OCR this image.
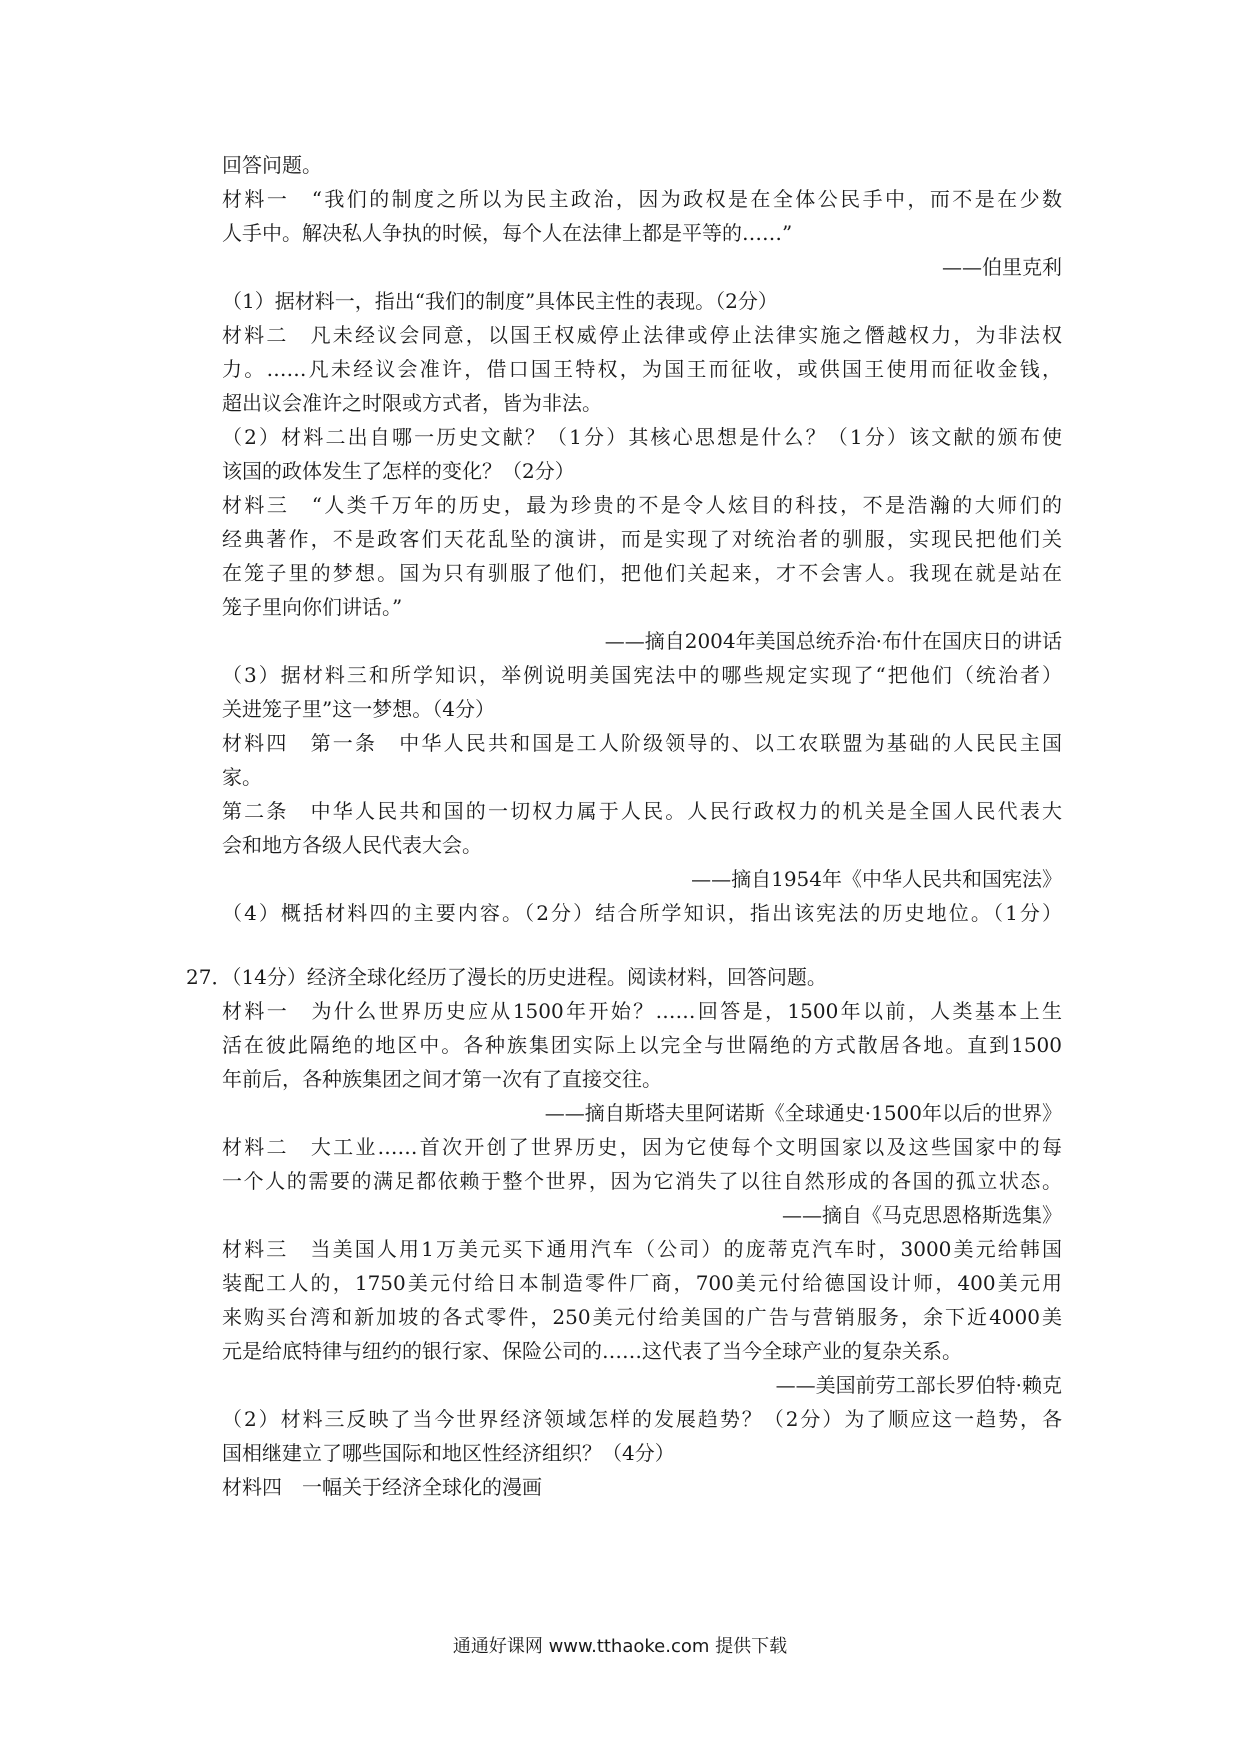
回答问题。
材料一　“我们的制度之所以为民主政治，因为政权是在全体公民手中，而不是在少数
人手中。解决私人争执的时候，每个人在法律上都是平等的……”
——伯里克利
（1）据材料一，指出“我们的制度”具体民主性的表现。（2分）
材料二　凡未经议会同意，以国王权威停止法律或停止法律实施之僭越权力，为非法权
力。……凡未经议会准许，借口国王特权，为国王而征收，或供国王使用而征收金钱，
超出议会准许之时限或方式者，皆为非法。
（2）材料二出自哪一历史文献？（1分）其核心思想是什么？（1分）该文献的颁布使
该国的政体发生了怎样的变化？（2分）
材料三　“人类千万年的历史，最为珍贵的不是令人炫目的科技，不是浩瀚的大师们的
经典著作，不是政客们天花乱坠的演讲，而是实现了对统治者的驯服，实现民把他们关
在笼子里的梦想。国为只有驯服了他们，把他们关起来，才不会害人。我现在就是站在
笼子里向你们讲话。”
——摘自2004年美国总统乔治·布什在国庆日的讲话
（3）据材料三和所学知识，举例说明美国宪法中的哪些规定实现了“把他们（统治者）
关进笼子里”这一梦想。（4分）
材料四　第一条　中华人民共和国是工人阶级领导的、以工农联盟为基础的人民民主国
家。
第二条　中华人民共和国的一切权力属于人民。人民行政权力的机关是全国人民代表大
会和地方各级人民代表大会。
——摘自1954年《中华人民共和国宪法》
（4）概括材料四的主要内容。（2分）结合所学知识，指出该宪法的历史地位。（1分）
27．（14分）经济全球化经历了漫长的历史进程。阅读材料，回答问题。
材料一　为什么世界历史应从1500年开始？……回答是，1500年以前，人类基本上生
活在彼此隔绝的地区中。各种族集团实际上以完全与世隔绝的方式散居各地。直到1500
年前后，各种族集团之间才第一次有了直接交往。
——摘自斯塔夫里阿诺斯《全球通史·1500年以后的世界》
材料二　大工业……首次开创了世界历史，因为它使每个文明国家以及这些国家中的每
一个人的需要的满足都依赖于整个世界，因为它消失了以往自然形成的各国的孤立状态。
——摘自《马克思恩格斯选集》
材料三　当美国人用1万美元买下通用汽车（公司）的庞蒂克汽车时，3000美元给韩国
装配工人的，1750美元付给日本制造零件厂商，700美元付给德国设计师，400美元用
来购买台湾和新加坡的各式零件，250美元付给美国的广告与营销服务，余下近4000美
元是给底特律与纽约的银行家、保险公司的……这代表了当今全球产业的复杂关系。
——美国前劳工部长罗伯特·赖克
（2）材料三反映了当今世界经济领域怎样的发展趋势？（2分）为了顺应这一趋势，各
国相继建立了哪些国际和地区性经济组织？（4分）
材料四　一幅关于经济全球化的漫画
通通好课网 www.tthaoke.com 提供下载
